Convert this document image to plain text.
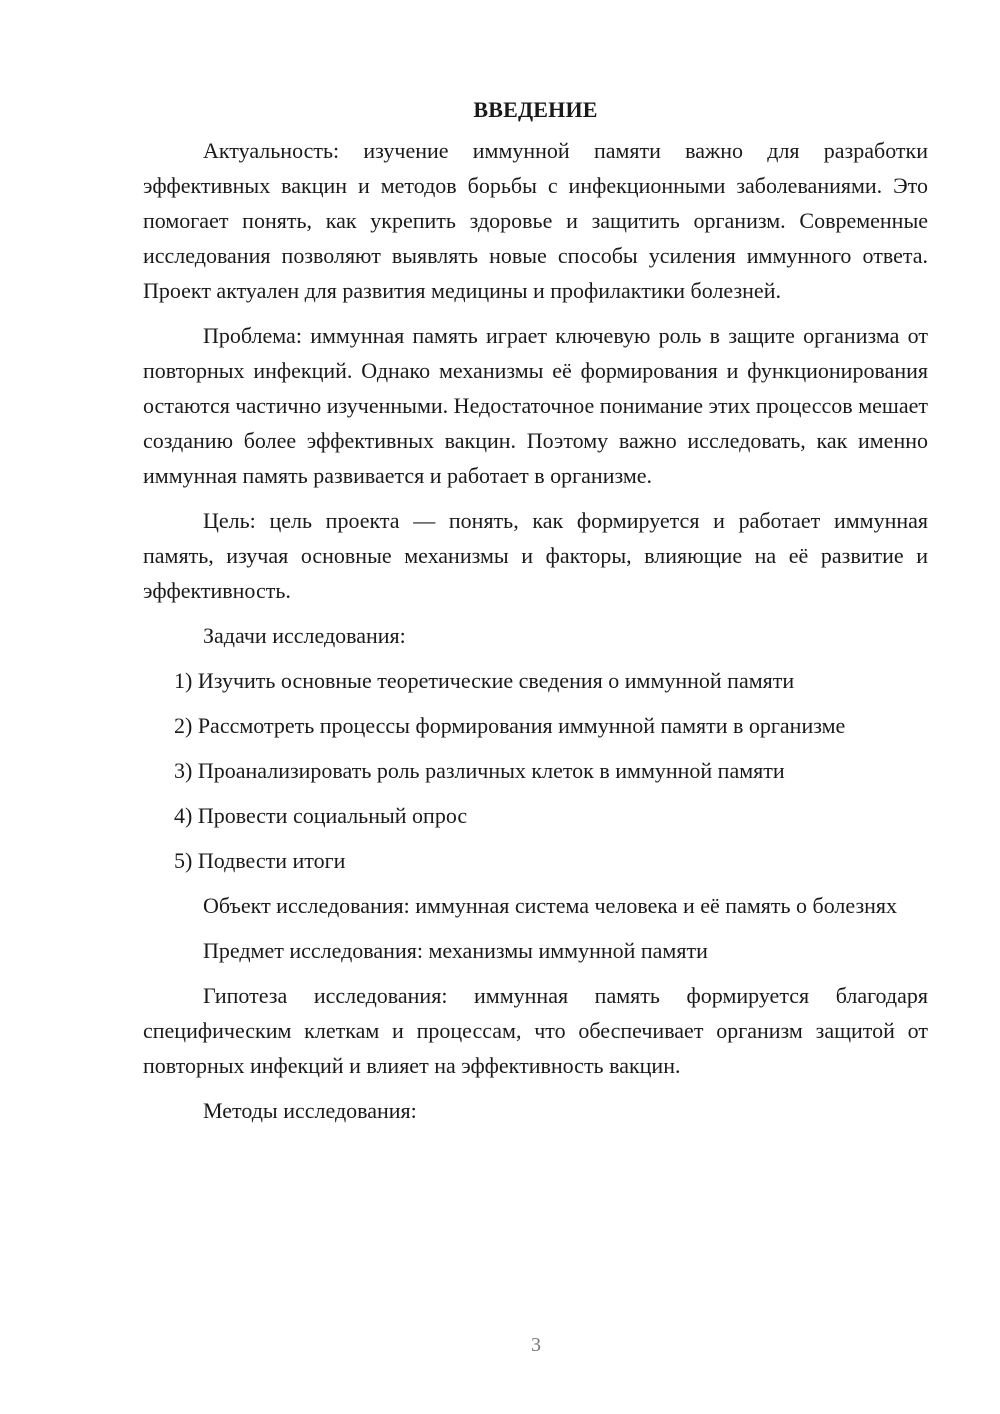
ВВЕДЕНИЕ

Актуальность: изучение иммунной памяти важно для разработки эффективных вакцин и методов борьбы с инфекционными заболеваниями. Это помогает понять, как укрепить здоровье и защитить организм. Современные исследования позволяют выявлять новые способы усиления иммунного ответа. Проект актуален для развития медицины и профилактики болезней.

Проблема: иммунная память играет ключевую роль в защите организма от повторных инфекций. Однако механизмы её формирования и функционирования остаются частично изученными. Недостаточное понимание этих процессов мешает созданию более эффективных вакцин. Поэтому важно исследовать, как именно иммунная память развивается и работает в организме.

Цель: цель проекта — понять, как формируется и работает иммунная память, изучая основные механизмы и факторы, влияющие на её развитие и эффективность.

Задачи исследования:

1) Изучить основные теоретические сведения о иммунной памяти

2) Рассмотреть процессы формирования иммунной памяти в организме

3) Проанализировать роль различных клеток в иммунной памяти

4) Провести социальный опрос

5) Подвести итоги

Объект исследования: иммунная система человека и её память о болезнях

Предмет исследования: механизмы иммунной памяти

Гипотеза исследования: иммунная память формируется благодаря специфическим клеткам и процессам, что обеспечивает организм защитой от повторных инфекций и влияет на эффективность вакцин.

Методы исследования:

3
